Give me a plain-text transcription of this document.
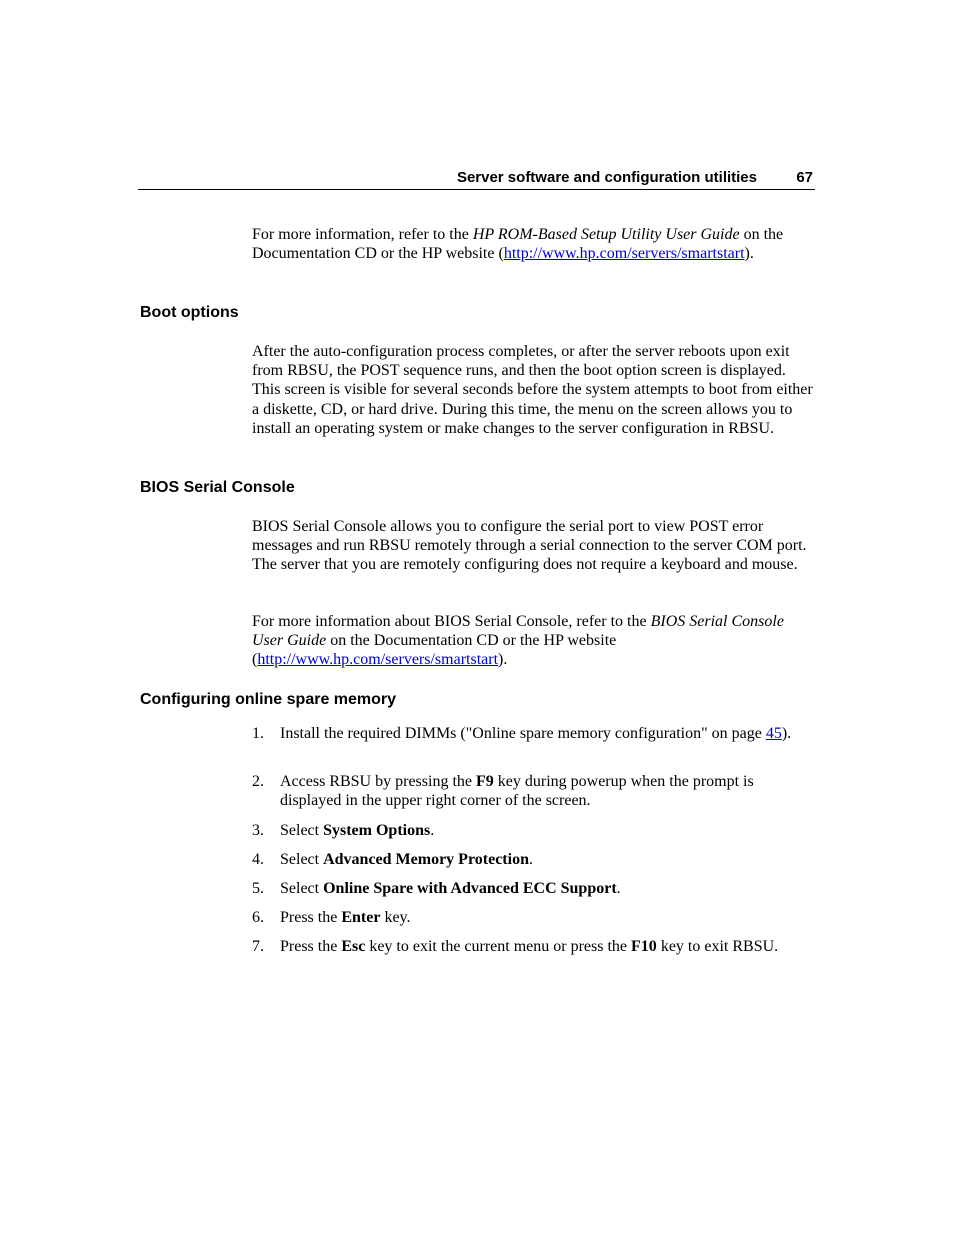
Server software and configuration utilities	67
For more information, refer to the HP ROM-Based Setup Utility User Guide on the Documentation CD or the HP website (http://www.hp.com/servers/smartstart).
Boot options
After the auto-configuration process completes, or after the server reboots upon exit from RBSU, the POST sequence runs, and then the boot option screen is displayed. This screen is visible for several seconds before the system attempts to boot from either a diskette, CD, or hard drive. During this time, the menu on the screen allows you to install an operating system or make changes to the server configuration in RBSU.
BIOS Serial Console
BIOS Serial Console allows you to configure the serial port to view POST error messages and run RBSU remotely through a serial connection to the server COM port. The server that you are remotely configuring does not require a keyboard and mouse.
For more information about BIOS Serial Console, refer to the BIOS Serial Console User Guide on the Documentation CD or the HP website (http://www.hp.com/servers/smartstart).
Configuring online spare memory
1. Install the required DIMMs ("Online spare memory configuration" on page 45).
2. Access RBSU by pressing the F9 key during powerup when the prompt is displayed in the upper right corner of the screen.
3. Select System Options.
4. Select Advanced Memory Protection.
5. Select Online Spare with Advanced ECC Support.
6. Press the Enter key.
7. Press the Esc key to exit the current menu or press the F10 key to exit RBSU.
